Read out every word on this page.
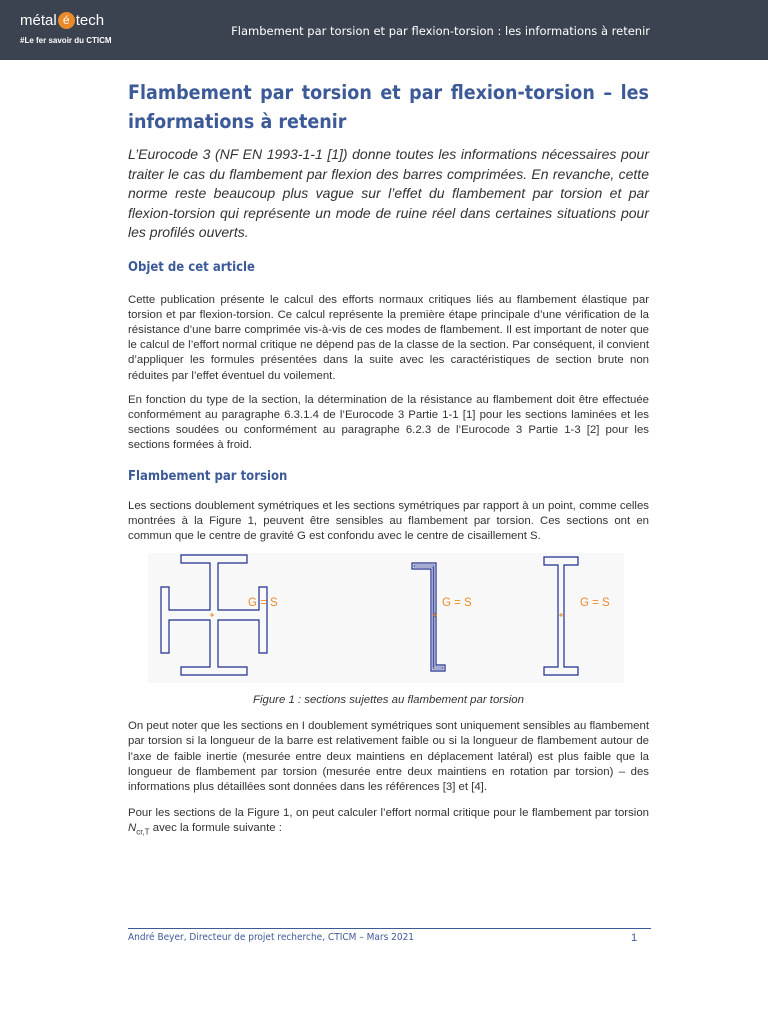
métal é tech
#Le fer savoir du CTICM
Flambement par torsion et par flexion-torsion : les informations à retenir
Flambement par torsion et par flexion-torsion – les informations à retenir

L’Eurocode 3 (NF EN 1993-1-1 [1]) donne toutes les informations nécessaires pour traiter le cas du flambement par flexion des barres comprimées. En revanche, cette norme reste beaucoup plus vague sur l’effet du flambement par torsion et par flexion-torsion qui représente un mode de ruine réel dans certaines situations pour les profilés ouverts.

Objet de cet article

Cette publication présente le calcul des efforts normaux critiques liés au flambement élastique par torsion et par flexion-torsion. Ce calcul représente la première étape principale d’une vérification de la résistance d’une barre comprimée vis-à-vis de ces modes de flambement. Il est important de noter que le calcul de l’effort normal critique ne dépend pas de la classe de la section. Par conséquent, il convient d’appliquer les formules présentées dans la suite avec les caractéristiques de section brute non réduites par l’effet éventuel du voilement.

En fonction du type de la section, la détermination de la résistance au flambement doit être effectuée conformément au paragraphe 6.3.1.4 de l’Eurocode 3 Partie 1-1 [1] pour les sections laminées et les sections soudées ou conformément au paragraphe 6.2.3 de l’Eurocode 3 Partie 1-3 [2] pour les sections formées à froid.

Flambement par torsion

Les sections doublement symétriques et les sections symétriques par rapport à un point, comme celles montrées à la Figure 1, peuvent être sensibles au flambement par torsion. Ces sections ont en commun que le centre de gravité G est confondu avec le centre de cisaillement S.

G = S	G = S	G = S
Figure 1 : sections sujettes au flambement par torsion

On peut noter que les sections en I doublement symétriques sont uniquement sensibles au flambement par torsion si la longueur de la barre est relativement faible ou si la longueur de flambement autour de l’axe de faible inertie (mesurée entre deux maintiens en déplacement latéral) est plus faible que la longueur de flambement par torsion (mesurée entre deux maintiens en rotation par torsion) – des informations plus détaillées sont données dans les références [3] et [4].

Pour les sections de la Figure 1, on peut calculer l’effort normal critique pour le flambement par torsion $N_{cr,T}$ avec la formule suivante :

André Beyer, Directeur de projet recherche, CTICM – Mars 2021	1
